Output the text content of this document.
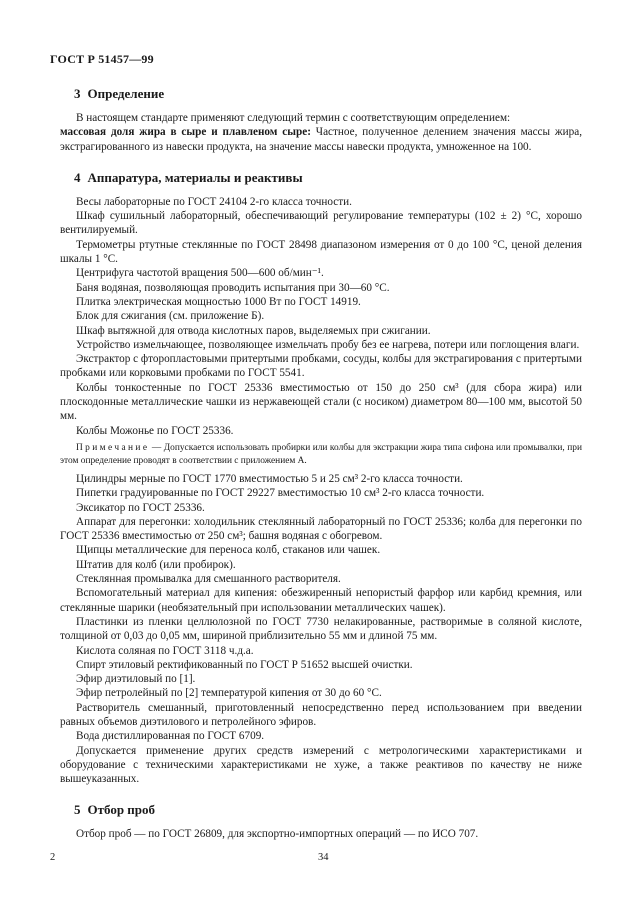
ГОСТ Р 51457—99
3 Определение

В настоящем стандарте применяют следующий термин с соответствующим определением:

массовая доля жира в сыре и плавленом сыре: Частное, полученное делением значения массы жира, экстрагированного из навески продукта, на значение массы навески продукта, умноженное на 100.

4 Аппаратура, материалы и реактивы

Весы лабораторные по ГОСТ 24104 2-го класса точности.

Шкаф сушильный лабораторный, обеспечивающий регулирование температуры (102 ± 2) °С, хорошо вентилируемый.

Термометры ртутные стеклянные по ГОСТ 28498 диапазоном измерения от 0 до 100 °С, ценой деления шкалы 1 °С.

Центрифуга частотой вращения 500—600 об/мин⁻¹.

Баня водяная, позволяющая проводить испытания при 30—60 °С.

Плитка электрическая мощностью 1000 Вт по ГОСТ 14919.

Блок для сжигания (см. приложение Б).

Шкаф вытяжной для отвода кислотных паров, выделяемых при сжигании.

Устройство измельчающее, позволяющее измельчать пробу без ее нагрева, потери или поглощения влаги.

Экстрактор с фторопластовыми притертыми пробками, сосуды, колбы для экстрагирования с притертыми пробками или корковыми пробками по ГОСТ 5541.

Колбы тонкостенные по ГОСТ 25336 вместимостью от 150 до 250 см³ (для сбора жира) или плоскодонные металлические чашки из нержавеющей стали (с носиком) диаметром 80—100 мм, высотой 50 мм.

Колбы Можонье по ГОСТ 25336.

Примечание — Допускается использовать пробирки или колбы для экстракции жира типа сифона или промывалки, при этом определение проводят в соответствии с приложением А.

Цилиндры мерные по ГОСТ 1770 вместимостью 5 и 25 см³ 2-го класса точности.

Пипетки градуированные по ГОСТ 29227 вместимостью 10 см³ 2-го класса точности.

Эксикатор по ГОСТ 25336.

Аппарат для перегонки: холодильник стеклянный лабораторный по ГОСТ 25336; колба для перегонки по ГОСТ 25336 вместимостью от 250 см³; башня водяная с обогревом.

Щипцы металлические для переноса колб, стаканов или чашек.

Штатив для колб (или пробирок).

Стеклянная промывалка для смешанного растворителя.

Вспомогательный материал для кипения: обезжиренный непористый фарфор или карбид кремния, или стеклянные шарики (необязательный при использовании металлических чашек).

Пластинки из пленки целлюлозной по ГОСТ 7730 нелакированные, растворимые в соляной кислоте, толщиной от 0,03 до 0,05 мм, шириной приблизительно 55 мм и длиной 75 мм.

Кислота соляная по ГОСТ 3118 ч.д.а.

Спирт этиловый ректификованный по ГОСТ Р 51652 высшей очистки.

Эфир диэтиловый по [1].

Эфир петролейный по [2] температурой кипения от 30 до 60 °С.

Растворитель смешанный, приготовленный непосредственно перед использованием при введении равных объемов диэтилового и петролейного эфиров.

Вода дистиллированная по ГОСТ 6709.

Допускается применение других средств измерений с метрологическими характеристиками и оборудование с техническими характеристиками не хуже, а также реактивов по качеству не ниже вышеуказанных.

5 Отбор проб

Отбор проб — по ГОСТ 26809, для экспортно-импортных операций — по ИСО 707.

2	34
